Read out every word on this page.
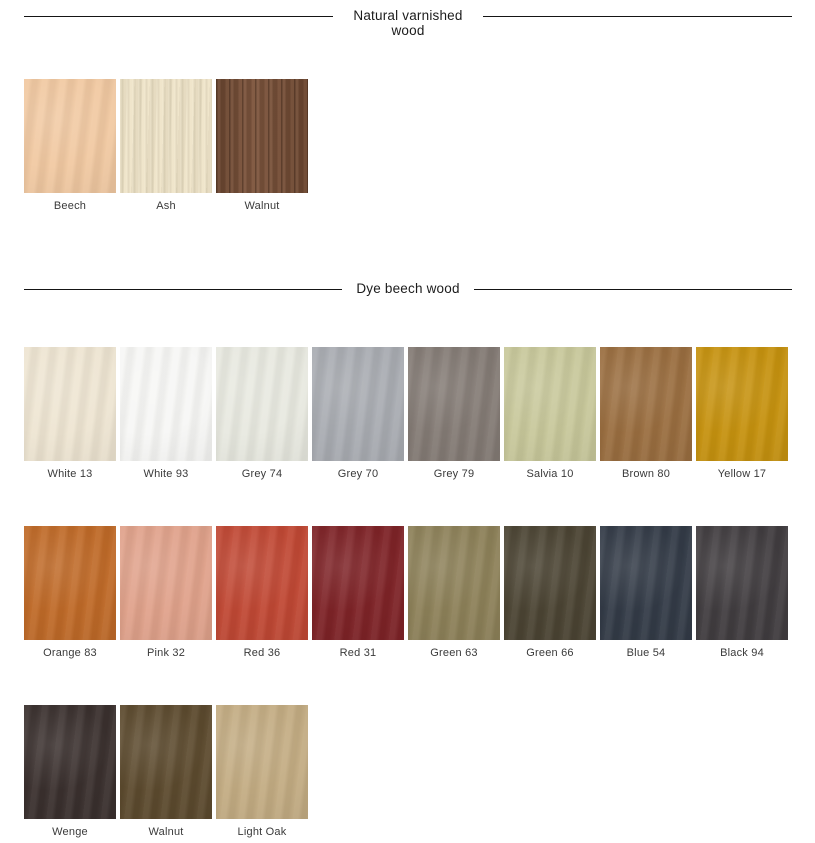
Natural varnished wood
Beech	Ash	Walnut
Dye beech wood
White 13	White 93	Grey 74	Grey 70	Grey 79	Salvia 10	Brown 80	Yellow 17
Orange 83	Pink 32	Red 36	Red 31	Green 63	Green 66	Blue 54	Black 94
Wenge	Walnut	Light Oak
